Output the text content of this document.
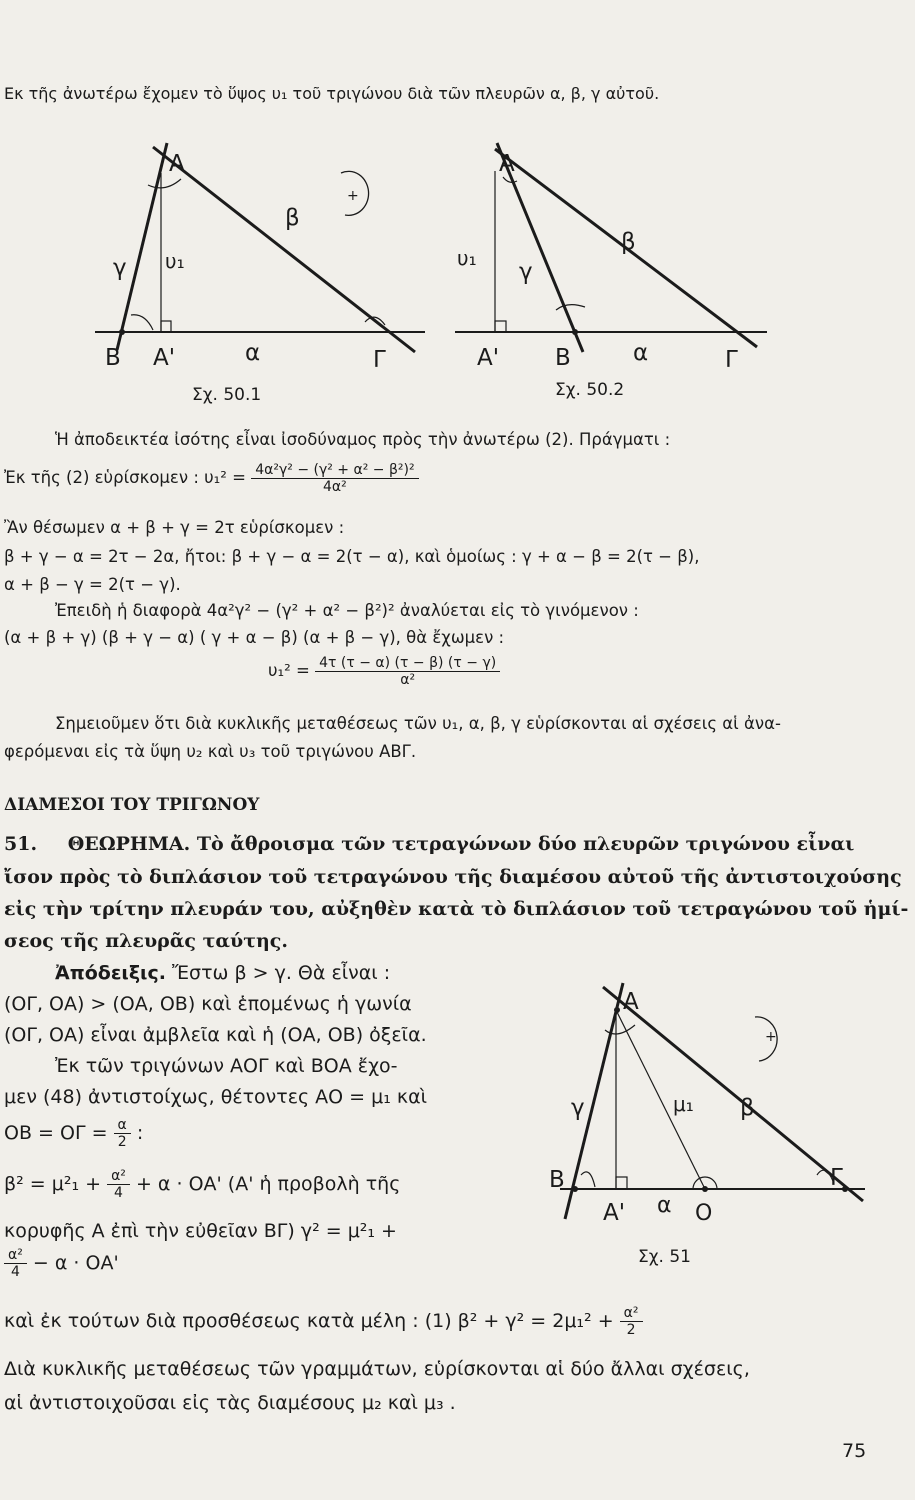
Εκ τῆς ἀνωτέρω ἔχομεν τὸ ὕψος υ₁ τοῦ τριγώνου διὰ τῶν πλευρῶν α, β, γ αὐτοῦ.
A
β
γ υ₁
+
B A'	α	Γ
Σχ. 50.1
A
β
γ
υ₁
A' B	α	Γ
Σχ. 50.2
Ἡ ἀποδεικτέα ἰσότης εἶναι ἰσοδύναμος πρὸς τὴν ἀνωτέρω (2). Πράγματι :
Ἐκ τῆς (2) εὑρίσκομεν : $\upsilon_1^2 = \frac{\text{4α²γ² − (γ² + α² − β²)²}}{\text{4α²}}$
Ἂν θέσωμεν α + β + γ = 2τ εὑρίσκομεν :
β + γ − α = 2τ − 2α, ἤτοι: β + γ − α = 2(τ − α), καὶ ὁμοίως : γ + α − β = 2(τ − β),
α + β − γ = 2(τ − γ).
Ἐπειδὴ ἡ διαφορὰ 4α²γ² − (γ² + α² − β²)² ἀναλύεται εἰς τὸ γινόμενον :
(α + β + γ) (β + γ − α) ( γ + α − β) (α + β − γ), θὰ ἔχωμεν :
$\upsilon_1^2 = \frac{4\tau (\tau - \alpha) (\tau - \beta) (\tau - \gamma)}{\text{α²}}$
Σημειοῦμεν ὅτι διὰ κυκλικῆς μεταθέσεως τῶν υ₁, α, β, γ εὑρίσκονται αἱ σχέσεις αἱ ἀνα-
φερόμεναι εἰς τὰ ὕψη υ₂ καὶ υ₃ τοῦ τριγώνου ΑΒΓ.
ΔΙΑΜΕΣΟΙ ΤΟΥ ΤΡΙΓΩΝΟΥ
51. ΘΕΩΡΗΜΑ. Τὸ ἄθροισμα τῶν τετραγώνων δύο πλευρῶν τριγώνου εἶναι
ἴσον πρὸς τὸ διπλάσιον τοῦ τετραγώνου τῆς διαμέσου αὐτοῦ τῆς ἀντιστοιχούσης
εἰς τὴν τρίτην πλευράν του, αὐξηθὲν κατὰ τὸ διπλάσιον τοῦ τετραγώνου τοῦ ἡμί-
σεος τῆς πλευρᾶς ταύτης.
Ἀπόδειξις. Ἔστω β > γ. Θὰ εἶναι :
(ΟΓ, ΟΑ) > (ΟΑ, ΟΒ) καὶ ἑπομένως ἡ γωνία
(ΟΓ, ΟΑ) εἶναι ἀμβλεῖα καὶ ἡ (ΟΑ, ΟΒ) ὀξεῖα.
Ἐκ τῶν τριγώνων ΑΟΓ καὶ ΒΟΑ ἔχο-
μεν (48) ἀντιστοίχως, θέτοντες ΑΟ = μ₁ καὶ
$OB = O\Gamma = \frac{\alpha}{2}$ :
$\beta^2 = \mu^2_1 + \frac{\text{α²}}{4} + \alpha \cdot OA'$ (Α' ἡ προβολὴ τῆς
κορυφῆς Α ἐπὶ τὴν εὐθεῖαν ΒΓ) γ² = μ²₁ +
$\frac{\text{α²}}{4} - \alpha \cdot OA'$
καὶ ἐκ τούτων διὰ προσθέσεως κατὰ μέλη : (1) $\beta^2 + \gamma^2 = 2\mu_1^2 + \frac{\text{α²}}{2}$
Διὰ κυκλικῆς μεταθέσεως τῶν γραμμάτων, εὑρίσκονται αἱ δύο ἄλλαι σχέσεις,
αἱ ἀντιστοιχοῦσαι εἰς τὰς διαμέσους μ₂ καὶ μ₃ .
A
β
γ	μ₁
+
B
A' α O
Γ
Σχ. 51
75
